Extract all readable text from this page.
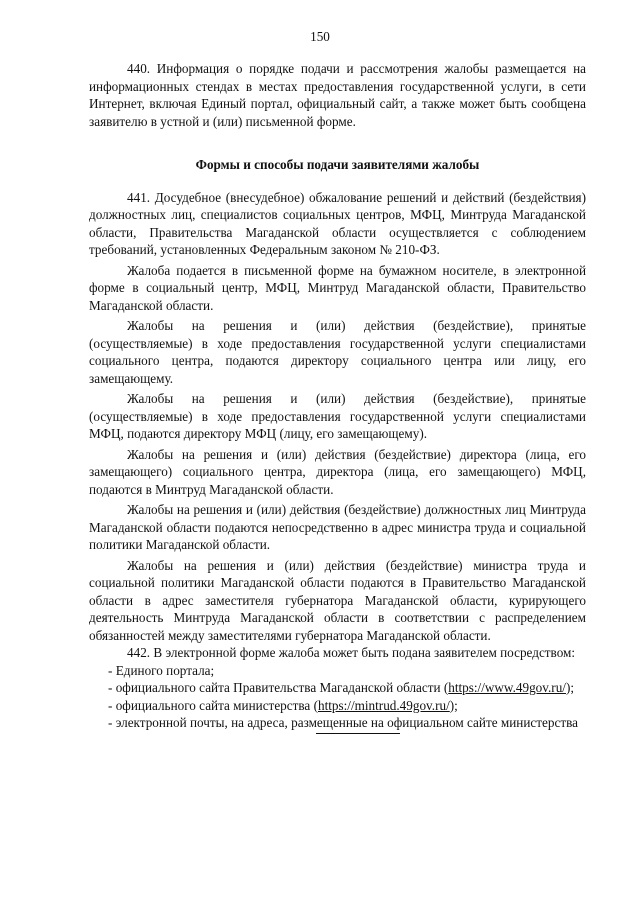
150

440. Информация о порядке подачи и рассмотрения жалобы размещается на информационных стендах в местах предоставления государственной услуги, в сети Интернет, включая Единый портал, официальный сайт, а также может быть сообщена заявителю в устной и (или) письменной форме.

Формы и способы подачи заявителями жалобы

441. Досудебное (внесудебное) обжалование решений и действий (бездействия) должностных лиц, специалистов социальных центров, МФЦ, Минтруда Магаданской области, Правительства Магаданской области осуществляется с соблюдением требований, установленных Федеральным законом № 210-ФЗ.

Жалоба подается в письменной форме на бумажном носителе, в электронной форме в социальный центр, МФЦ, Минтруд Магаданской области, Правительство Магаданской области.

Жалобы на решения и (или) действия (бездействие), принятые (осуществляемые) в ходе предоставления государственной услуги специалистами социального центра, подаются директору социального центра или лицу, его замещающему.

Жалобы на решения и (или) действия (бездействие), принятые (осуществляемые) в ходе предоставления государственной услуги специалистами МФЦ, подаются директору МФЦ (лицу, его замещающему).

Жалобы на решения и (или) действия (бездействие) директора (лица, его замещающего) социального центра, директора (лица, его замещающего) МФЦ, подаются в Минтруд Магаданской области.

Жалобы на решения и (или) действия (бездействие) должностных лиц Минтруда Магаданской области подаются непосредственно в адрес министра труда и социальной политики Магаданской области.

Жалобы на решения и (или) действия (бездействие) министра труда и социальной политики Магаданской области подаются в Правительство Магаданской области в адрес заместителя губернатора Магаданской области, курирующего деятельность Минтруда Магаданской области в соответствии с распределением обязанностей между заместителями губернатора Магаданской области.

442. В электронной форме жалоба может быть подана заявителем посредством:

- Единого портала;

- официального сайта Правительства Магаданской области (https://www.49gov.ru/);

- официального сайта министерства (https://mintrud.49gov.ru/);

- электронной почты, на адреса, размещенные на официальном сайте министерства
